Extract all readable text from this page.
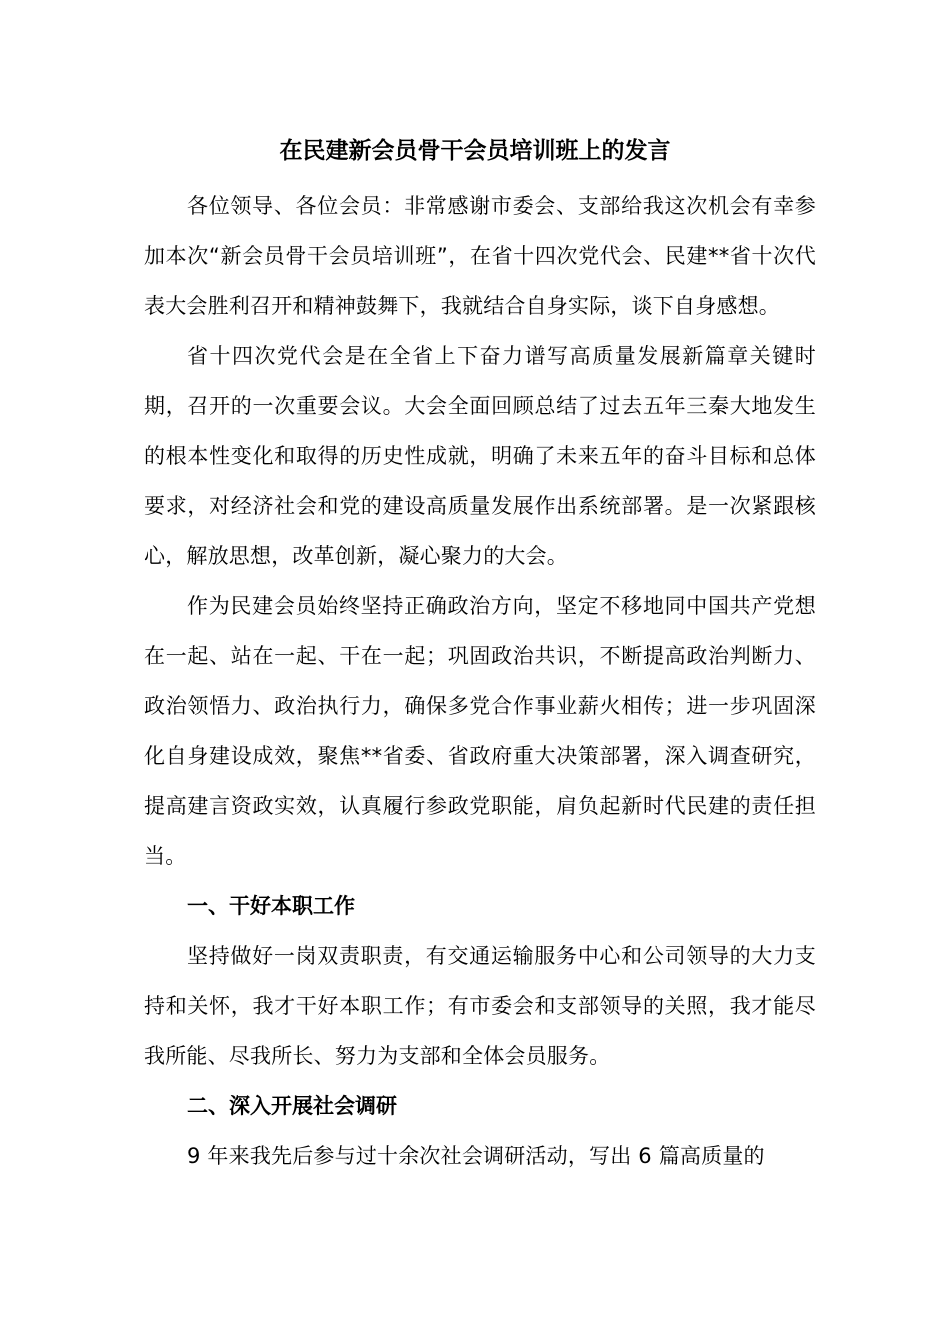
在民建新会员骨干会员培训班上的发言

各位领导、各位会员：非常感谢市委会、支部给我这次机会有幸参加本次“新会员骨干会员培训班”，在省十四次党代会、民建**省十次代表大会胜利召开和精神鼓舞下，我就结合自身实际，谈下自身感想。

省十四次党代会是在全省上下奋力谱写高质量发展新篇章关键时期，召开的一次重要会议。大会全面回顾总结了过去五年三秦大地发生的根本性变化和取得的历史性成就，明确了未来五年的奋斗目标和总体要求，对经济社会和党的建设高质量发展作出系统部署。是一次紧跟核心，解放思想，改革创新，凝心聚力的大会。

作为民建会员始终坚持正确政治方向，坚定不移地同中国共产党想在一起、站在一起、干在一起；巩固政治共识，不断提高政治判断力、政治领悟力、政治执行力，确保多党合作事业薪火相传；进一步巩固深化自身建设成效，聚焦**省委、省政府重大决策部署，深入调查研究，提高建言资政实效，认真履行参政党职能，肩负起新时代民建的责任担当。

一、干好本职工作

坚持做好一岗双责职责，有交通运输服务中心和公司领导的大力支持和关怀，我才干好本职工作；有市委会和支部领导的关照，我才能尽我所能、尽我所长、努力为支部和全体会员服务。

二、深入开展社会调研

9 年来我先后参与过十余次社会调研活动，写出 6 篇高质量的
